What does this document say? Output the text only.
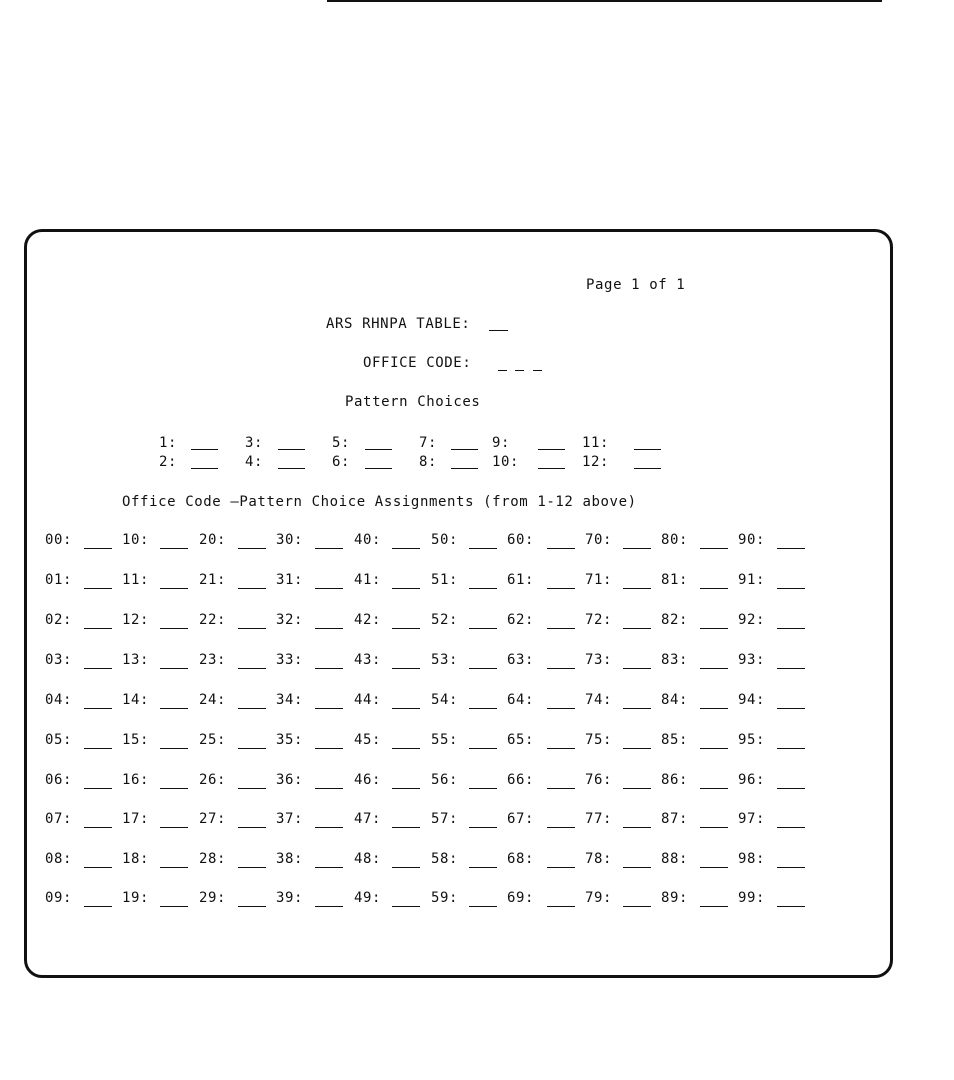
Page 1 of 1
ARS RHNPA TABLE:
OFFICE CODE:
Pattern Choices
1:
2:
3:
4:
5:
6:
7:
8:
9:
10:
11:
12:
Office Code —Pattern Choice Assignments (from 1-12 above)
00:
01:
02:
03:
04:
05:
06:
07:
08:
09:
10:
11:
12:
13:
14:
15:
16:
17:
18:
19:
20:
21:
22:
23:
24:
25:
26:
27:
28:
29:
30:
31:
32:
33:
34:
35:
36:
37:
38:
39:
40:
41:
42:
43:
44:
45:
46:
47:
48:
49:
50:
51:
52:
53:
54:
55:
56:
57:
58:
59:
60:
61:
62:
63:
64:
65:
66:
67:
68:
69:
70:
71:
72:
73:
74:
75:
76:
77:
78:
79:
80:
81:
82:
83:
84:
85:
86:
87:
88:
89:
90:
91:
92:
93:
94:
95:
96:
97:
98:
99:
